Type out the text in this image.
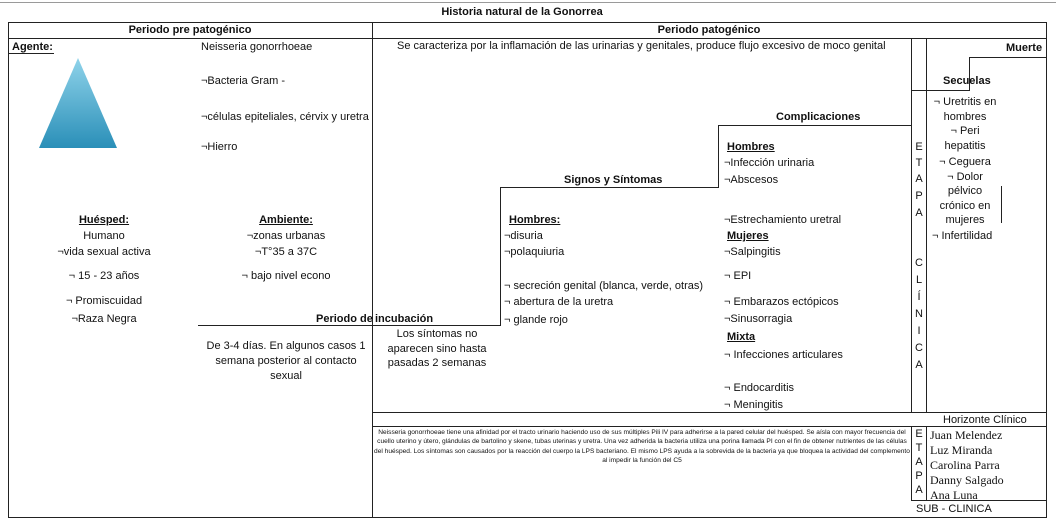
Historia natural de la Gonorrea
Periodo pre patogénico	Periodo patogénico
Agente:	Neisseria gonorrhoeae
¬Bacteria Gram -
¬células epiteliales, cérvix y uretra
¬Hierro
Huésped:
Humano
¬vida sexual activa
¬ 15 - 23 años
¬ Promiscuidad
¬Raza Negra
Ambiente:
¬zonas urbanas
¬T°35 a 37C
¬ bajo nivel econo
Periodo de incubación
De 3-4 días. En algunos casos 1
semana posterior al contacto
sexual
Los síntomas no
aparecen sino hasta
pasadas 2 semanas
Se caracteriza por la inflamación de las urinarias y genitales, produce flujo excesivo de moco genital
Signos y Síntomas
Hombres:
¬disuria
¬polaquiuria
¬ secreción genital (blanca, verde, otras)
¬ abertura de la uretra
¬ glande rojo
Complicaciones
Hombres
¬Infección urinaria
¬Abscesos
¬Estrechamiento uretral
Mujeres
¬Salpingitis
¬ EPI
¬ Embarazos ectópicos
¬Sinusorragia
Mixta
¬ Infecciones articulares
¬ Endocarditis
¬ Meningitis
E
T
A
P
A
C
L
Í
N
I
C
A
Secuelas
¬ Uretritis en
hombres
¬ Peri
hepatitis
¬ Ceguera
¬ Dolor
pélvico
crónico en
mujeres
¬ Infertilidad
Muerte
Horizonte Clínico
Neisseria gonorrhoeae tiene una afinidad por el tracto urinario haciendo uso de sus múltiples Pili IV para adherirse a la pared celular del huésped. Se aísla con mayor frecuencia del cuello uterino y útero, glándulas de bartolino y skene, tubas uterinas y uretra. Una vez adherida la bacteria utiliza una porina llamada PI con el fin de obtener nutrientes de las células del huésped. Los síntomas son causados por la reacción del cuerpo la LPS bacteriano. El mismo LPS ayuda a la sobrevida de la bacteria ya que bloquea la actividad del complemento al impedir la función del C5
E
T
A
P
A
Juan Melendez
Luz Miranda
Carolina Parra
Danny Salgado
Ana Luna
SUB - CLINICA
